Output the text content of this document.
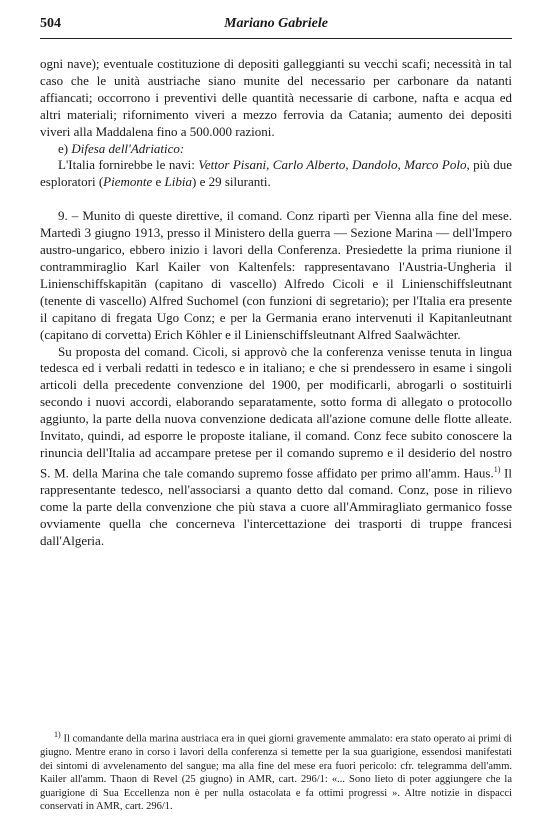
504	Mariano Gabriele

ogni nave); eventuale costituzione di depositi galleggianti su vecchi scafi; necessità in tal caso che le unità austriache siano munite del necessario per carbonare da natanti affiancati; occorrono i preventivi delle quantità necessarie di carbone, nafta e acqua ed altri materiali; rifornimento viveri a mezzo ferrovia da Catania; aumento dei depositi viveri alla Maddalena fino a 500.000 razioni.

e) Difesa dell'Adriatico:

L'Italia fornirebbe le navi: Vettor Pisani, Carlo Alberto, Dandolo, Marco Polo, più due esploratori (Piemonte e Libia) e 29 siluranti.

9. – Munito di queste direttive, il comand. Conz ripartì per Vienna alla fine del mese. Martedì 3 giugno 1913, presso il Ministero della guerra — Sezione Marina — dell'Impero austro-ungarico, ebbero inizio i lavori della Conferenza. Presiedette la prima riunione il contrammiraglio Karl Kailer von Kaltenfels: rappresentavano l'Austria-Ungheria il Linienschiffskapitän (capitano di vascello) Alfredo Cicoli e il Linienschiffsleutnant (tenente di vascello) Alfred Suchomel (con funzioni di segretario); per l'Italia era presente il capitano di fregata Ugo Conz; e per la Germania erano intervenuti il Kapitanleutnant (capitano di corvetta) Erich Köhler e il Linienschiffsleutnant Alfred Saalwächter.

Su proposta del comand. Cicoli, si approvò che la conferenza venisse tenuta in lingua tedesca ed i verbali redatti in tedesco e in italiano; e che si prendessero in esame i singoli articoli della precedente convenzione del 1900, per modificarli, abrogarli o sostituirli secondo i nuovi accordi, elaborando separatamente, sotto forma di allegato o protocollo aggiunto, la parte della nuova convenzione dedicata all'azione comune delle flotte alleate. Invitato, quindi, ad esporre le proposte italiane, il comand. Conz fece subito conoscere la rinuncia dell'Italia ad accampare pretese per il comando supremo e il desiderio del nostro S. M. della Marina che tale comando supremo fosse affidato per primo all'amm. Haus.$^{1)}$ Il rappresentante tedesco, nell'associarsi a quanto detto dal comand. Conz, pose in rilievo come la parte della convenzione che più stava a cuore all'Ammiragliato germanico fosse ovviamente quella che concerneva l'intercettazione dei trasporti di truppe francesi dall'Algeria.

$^{1)}$ Il comandante della marina austriaca era in quei giorni gravemente ammalato: era stato operato ai primi di giugno. Mentre erano in corso i lavori della conferenza si temette per la sua guarigione, essendosi manifestati dei sintomi di avvelenamento del sangue; ma alla fine del mese era fuori pericolo: cfr. telegramma dell'amm. Kailer all'amm. Thaon di Revel (25 giugno) in AMR, cart. 296/1: «... Sono lieto di poter aggiungere che la guarigione di Sua Eccellenza non è per nulla ostacolata e fa ottimi progressi ». Altre notizie in dispacci conservati in AMR, cart. 296/1.
